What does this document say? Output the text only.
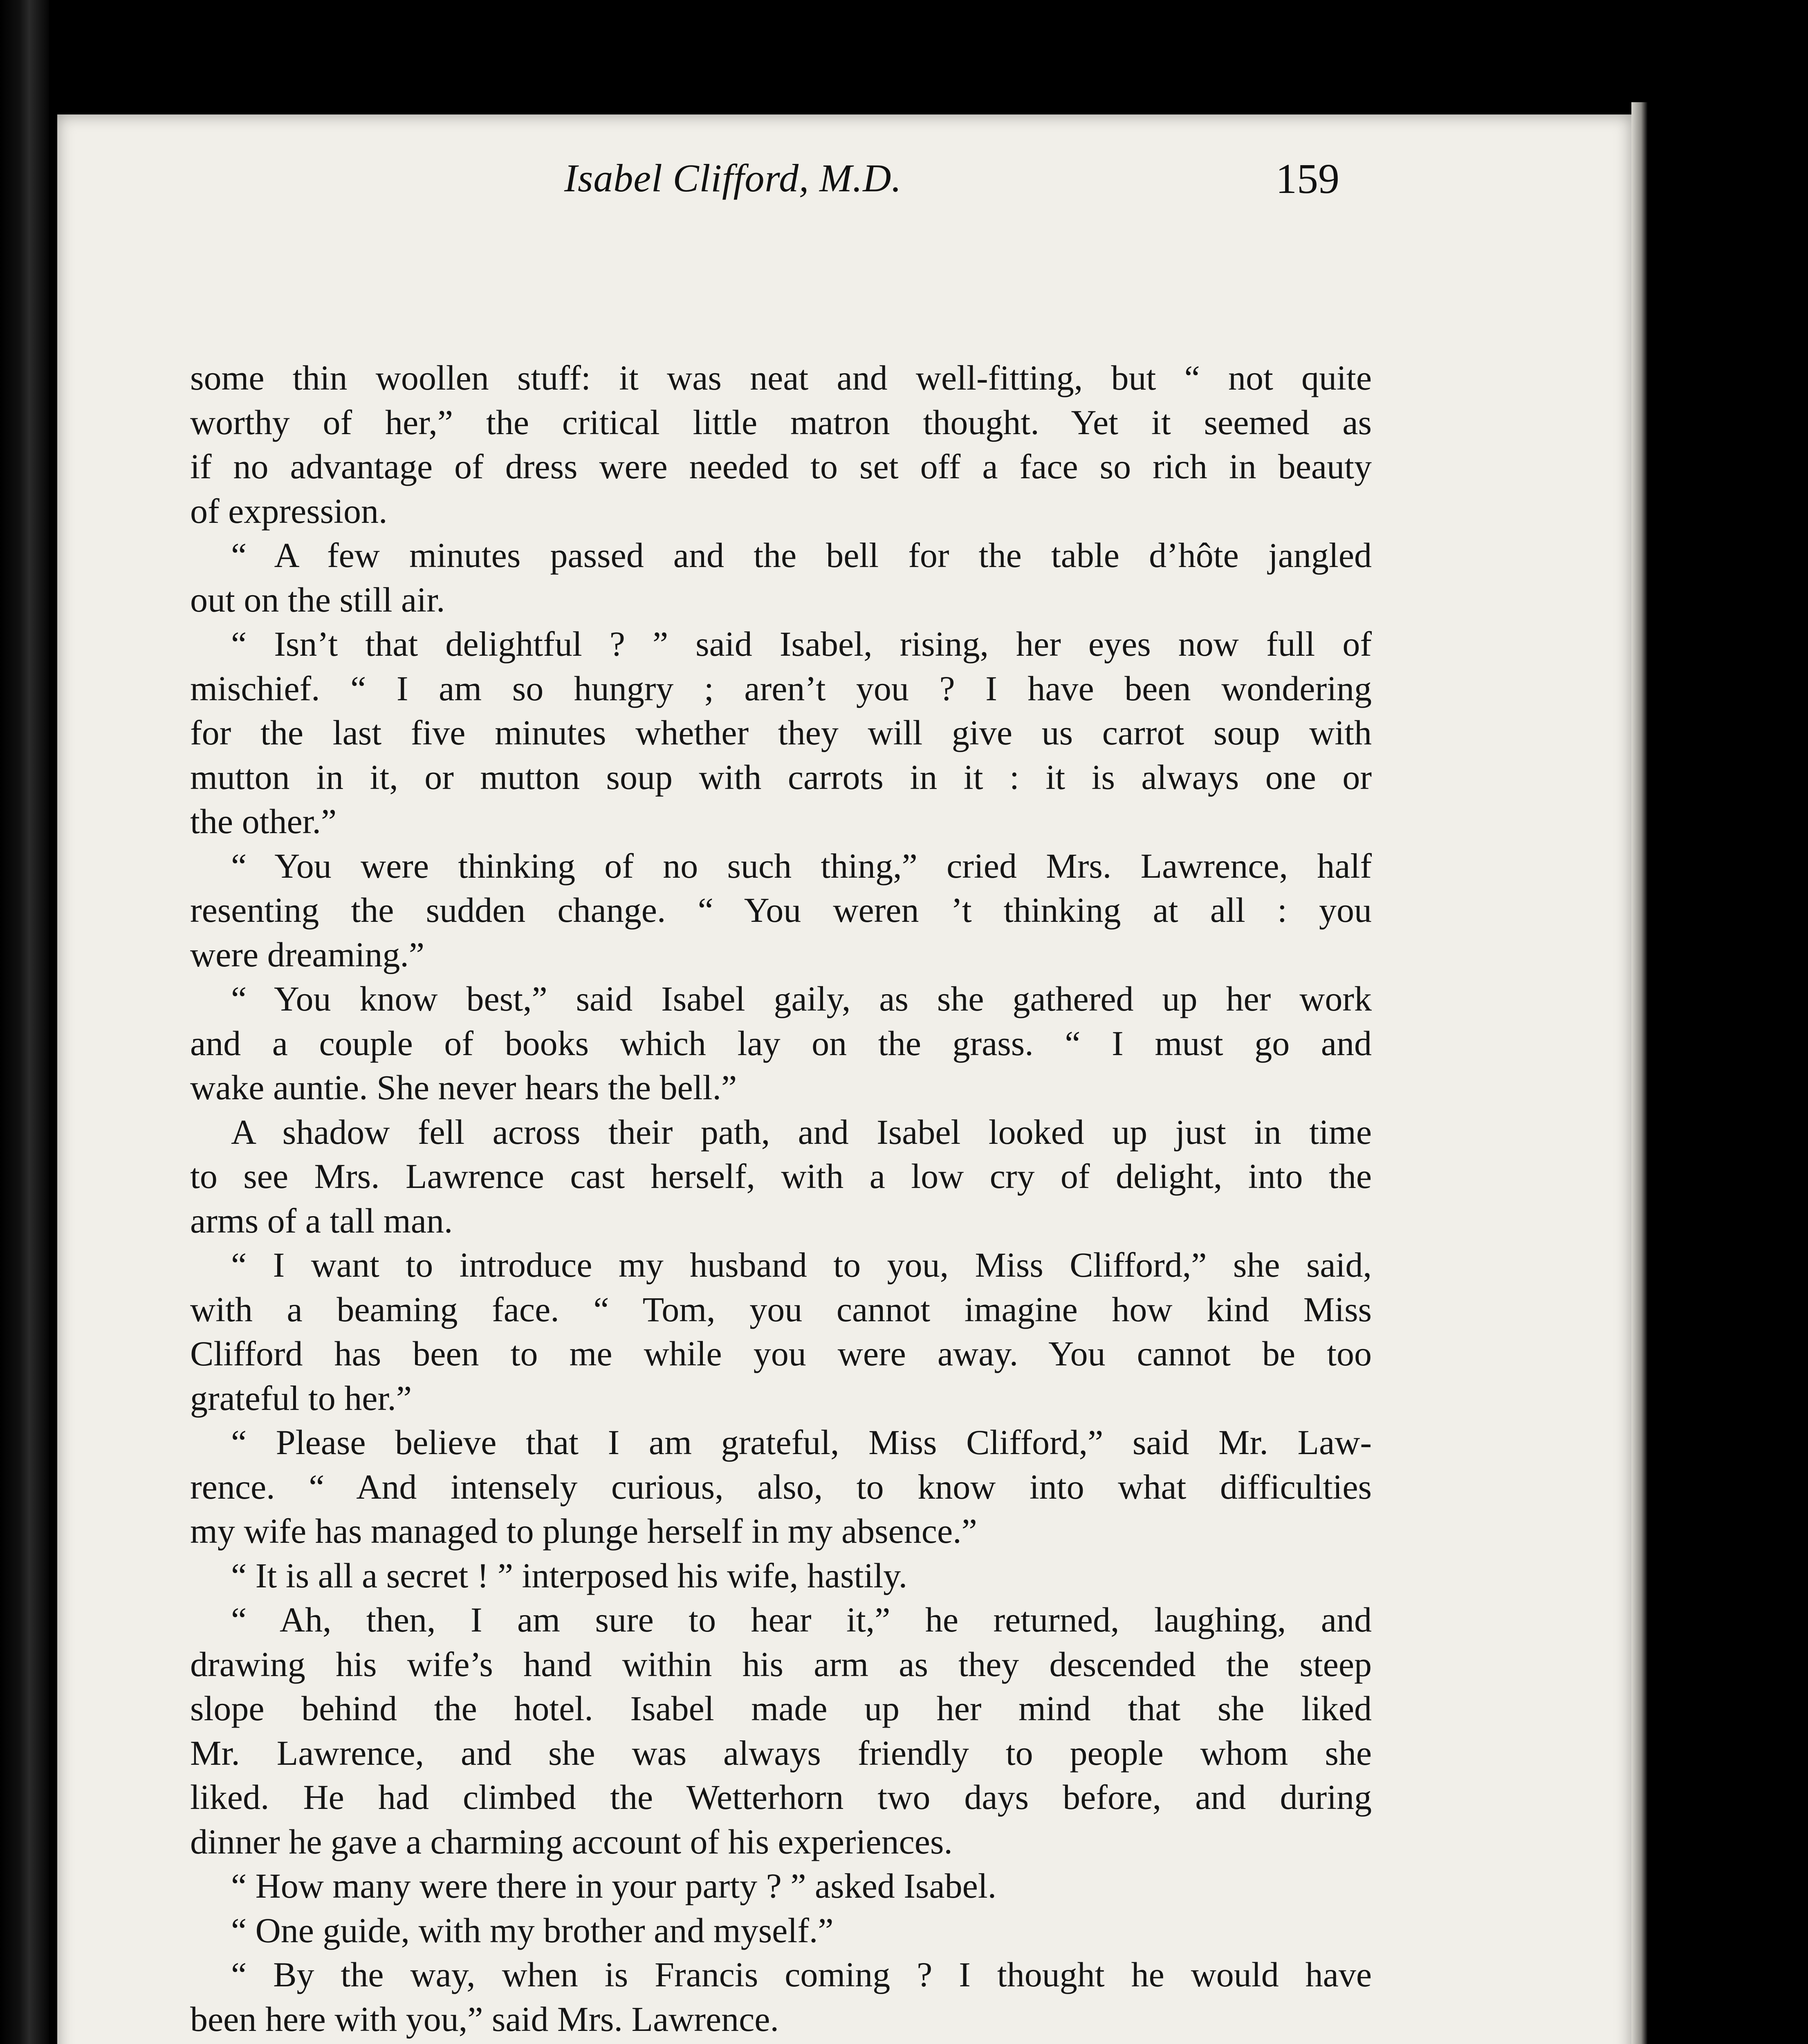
Isabel Clifford, M.D.	159
some thin woollen stuff: it was neat and well-fitting, but “ not quite
worthy of her,” the critical little matron thought. Yet it seemed as
if no advantage of dress were needed to set off a face so rich in beauty
of expression.
“ A few minutes passed and the bell for the table d’hôte jangled
out on the still air.
“ Isn’t that delightful ? ” said Isabel, rising, her eyes now full of
mischief. “ I am so hungry ; aren’t you ? I have been wondering
for the last five minutes whether they will give us carrot soup with
mutton in it, or mutton soup with carrots in it : it is always one or
the other.”
“ You were thinking of no such thing,” cried Mrs. Lawrence, half
resenting the sudden change. “ You weren ’t thinking at all : you
were dreaming.”
“ You know best,” said Isabel gaily, as she gathered up her work
and a couple of books which lay on the grass. “ I must go and
wake auntie. She never hears the bell.”
A shadow fell across their path, and Isabel looked up just in time
to see Mrs. Lawrence cast herself, with a low cry of delight, into the
arms of a tall man.
“ I want to introduce my husband to you, Miss Clifford,” she said,
with a beaming face. “ Tom, you cannot imagine how kind Miss
Clifford has been to me while you were away. You cannot be too
grateful to her.”
“ Please believe that I am grateful, Miss Clifford,” said Mr. Law-
rence. “ And intensely curious, also, to know into what difficulties
my wife has managed to plunge herself in my absence.”
“ It is all a secret ! ” interposed his wife, hastily.
“ Ah, then, I am sure to hear it,” he returned, laughing, and
drawing his wife’s hand within his arm as they descended the steep
slope behind the hotel. Isabel made up her mind that she liked
Mr. Lawrence, and she was always friendly to people whom she
liked. He had climbed the Wetterhorn two days before, and during
dinner he gave a charming account of his experiences.
“ How many were there in your party ? ” asked Isabel.
“ One guide, with my brother and myself.”
“ By the way, when is Francis coming ? I thought he would have
been here with you,” said Mrs. Lawrence.
